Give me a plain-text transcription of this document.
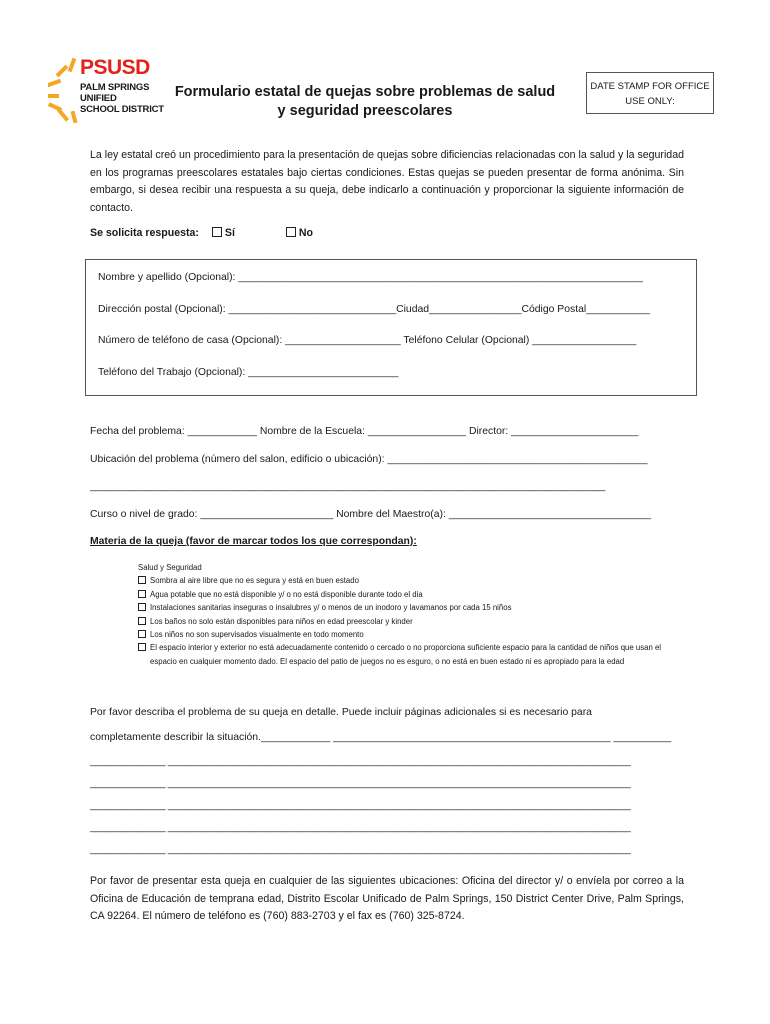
PSUSD
PALM SPRINGS
UNIFIED
SCHOOL DISTRICT
Formulario estatal de quejas sobre problemas de salud
y seguridad preescolares
DATE STAMP FOR OFFICE
USE ONLY:
La ley estatal creó un procedimiento para la presentación de quejas sobre dificiencias relacionadas con la salud y la seguridad en los programas preescolares estatales bajo ciertas condiciones. Estas quejas se pueden presentar de forma anónima. Sin embargo, si desea recibir una respuesta a su queja, debe indicarlo a continuación y proporcionar la siguiente información de contacto.
Se solicita respuesta: Sí	No
Nombre y apellido (Opcional): ______________________________________________________________________
Dirección postal (Opcional): _____________________________Ciudad________________Código Postal___________
Número de teléfono de casa (Opcional): ____________________ Teléfono Celular (Opcional) __________________
Teléfono del Trabajo (Opcional): __________________________
Fecha del problema: ____________ Nombre de la Escuela: _________________ Director: ______________________
Ubicación del problema (número del salon, edificio o ubicación): _____________________________________________
______________________________________________________________________________________________
Curso o nivel de grado: _______________________ Nombre del Maestro(a): ___________________________________
Materia de la queja (favor de marcar todos los que correspondan):
Salud y Seguridad
Sombra al aire libre que no es segura y está en buen estado
Agua potable que no está disponible y/ o no está disponible durante todo el dia
Instalaciones sanitarias inseguras o insalubres y/ o menos de un inodoro y lavamanos por cada 15 niños
Los baños no solo están disponibles para niños en edad preescolar y kinder
Los niños no son supervisados visualmente en todo momento
El espacio interior y exterior no está adecuadamente contenido o cercado o no proporciona suficiente espacio para la cantidad de niños que usan el espacio en cualquier momento dado. El espacio del patio de juegos no es esguro, o no está en buen estado ni es apropiado para la edad
Por favor describa el problema de su queja en detalle. Puede incluir páginas adicionales si es necesario para
completamente describir la situación.____________ ________________________________________________ __________
______________ ______________________________________________________________________________________
______________ ______________________________________________________________________________________
______________ ______________________________________________________________________________________
______________ ______________________________________________________________________________________
______________ ______________________________________________________________________________________
Por favor de presentar esta queja en cualquier de las siguientes ubicaciones: Oficina del director y/ o envíela por correo a la Oficina de Educación de temprana edad, Distrito Escolar Unificado de Palm Springs, 150 District Center Drive, Palm Springs, CA 92264. El número de teléfono es (760) 883-2703 y el fax es (760) 325-8724.
